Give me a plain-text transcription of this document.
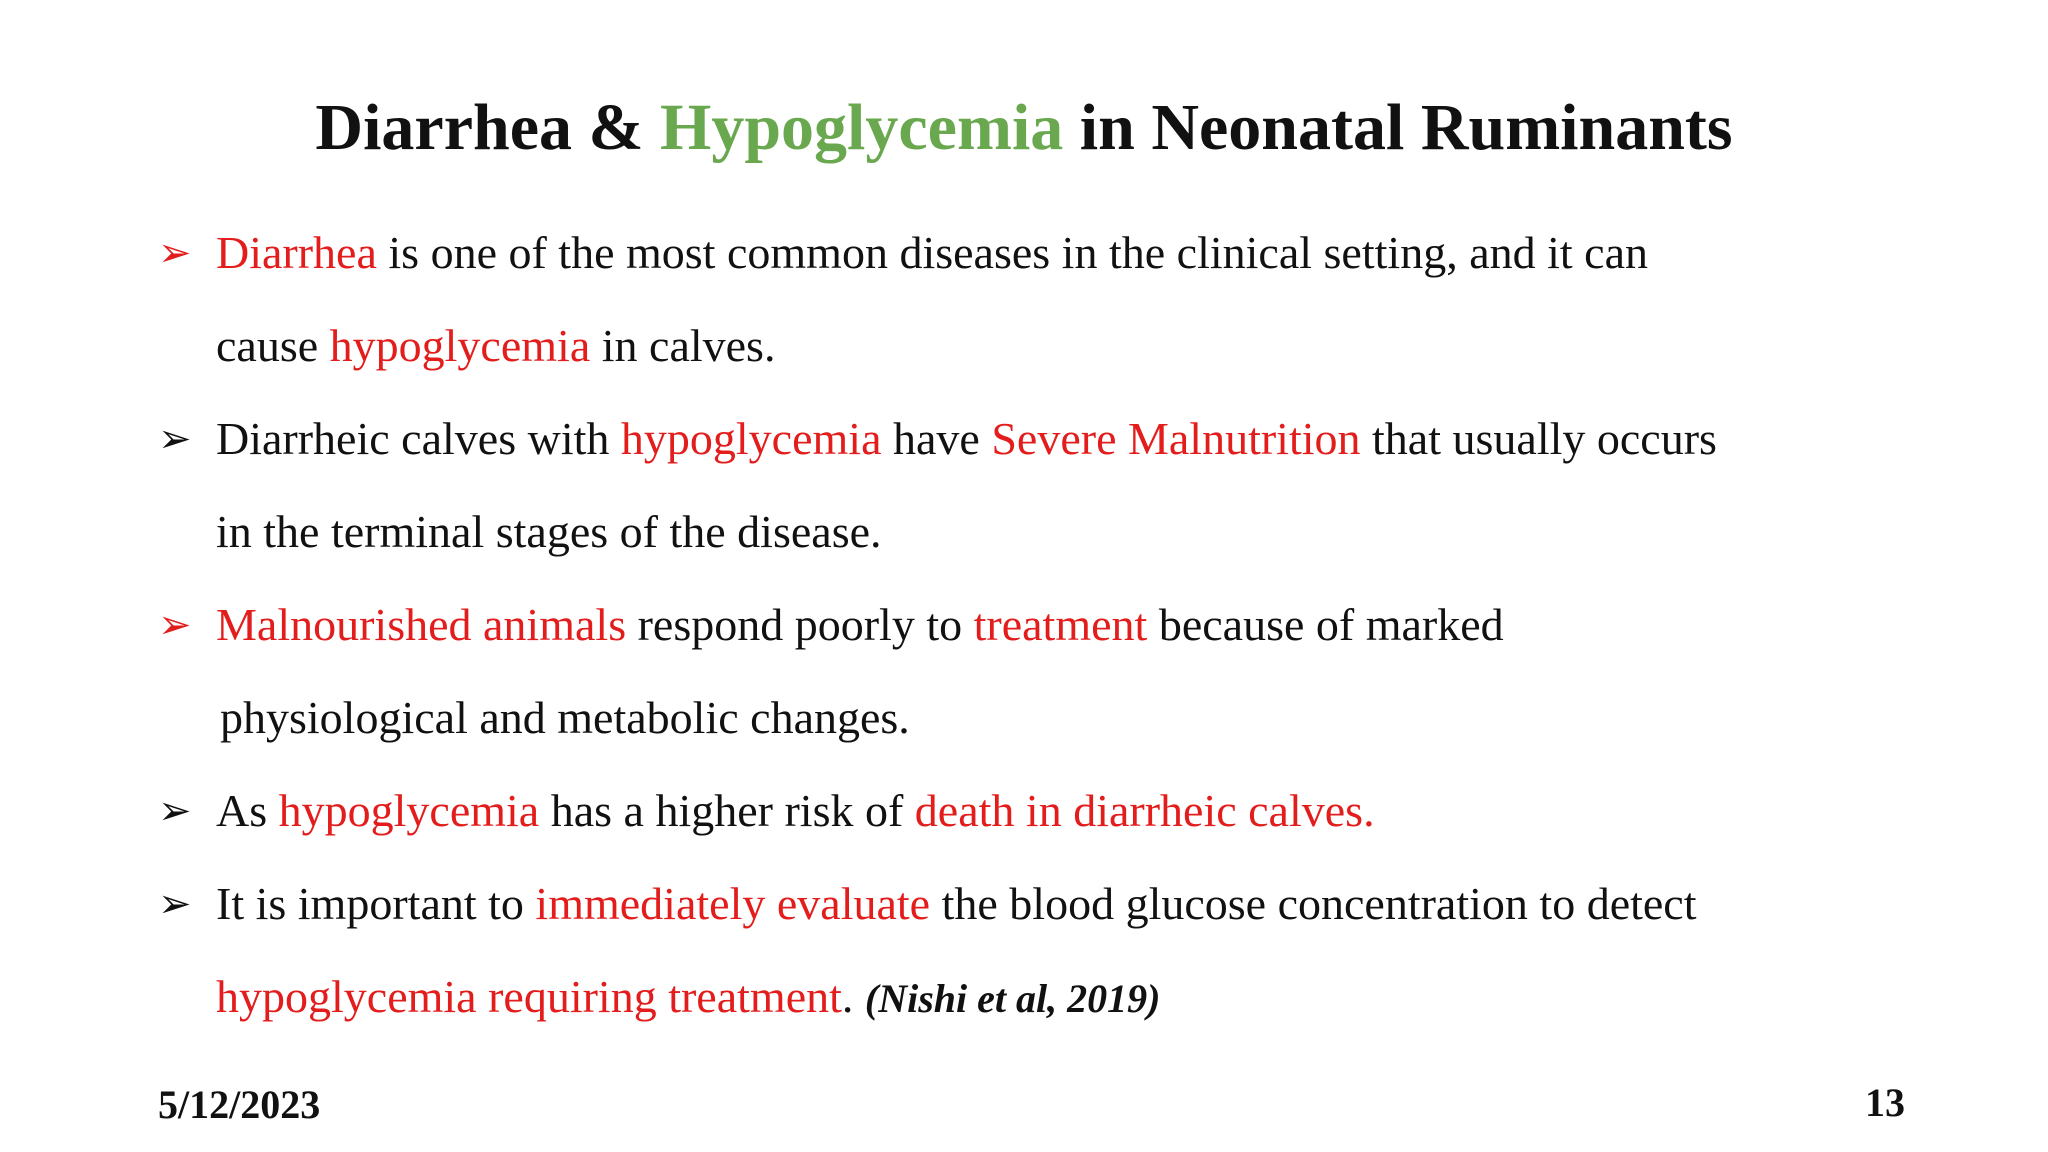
Diarrhea & Hypoglycemia in Neonatal Ruminants
➢ Diarrhea is one of the most common diseases in the clinical setting, and it can
cause hypoglycemia in calves.
➢ Diarrheic calves with hypoglycemia have Severe Malnutrition that usually occurs
in the terminal stages of the disease.
➢ Malnourished animals respond poorly to treatment because of marked
physiological and metabolic changes.
➢ As hypoglycemia has a higher risk of death in diarrheic calves.
➢ It is important to immediately evaluate the blood glucose concentration to detect
hypoglycemia requiring treatment. (Nishi et al, 2019)
5/12/2023	13
